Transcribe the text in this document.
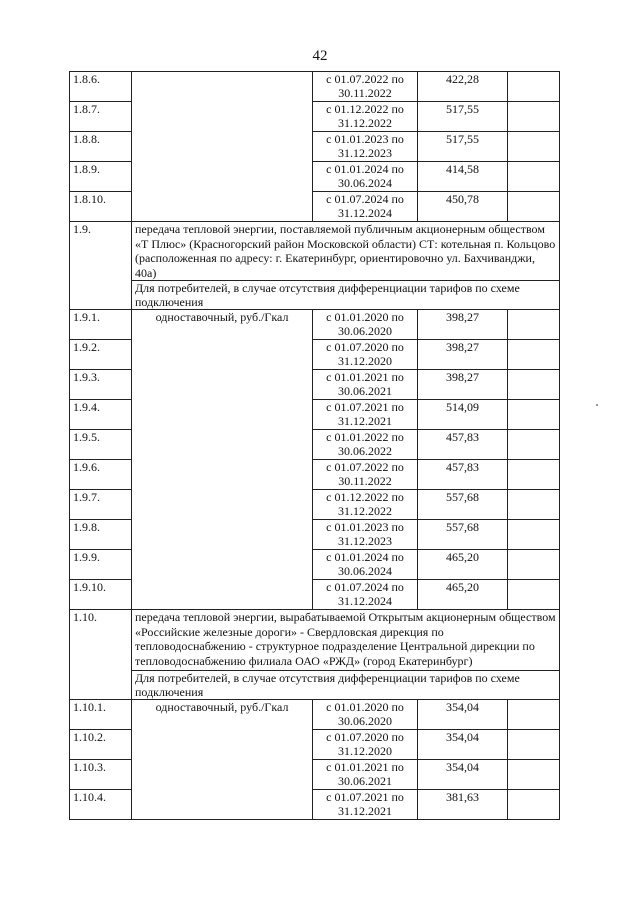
42
1.8.6.		с 01.07.2022 по 30.11.2022	422,28	
1.8.7.		с 01.12.2022 по 31.12.2022	517,55	
1.8.8.		с 01.01.2023 по 31.12.2023	517,55	
1.8.9.		с 01.01.2024 по 30.06.2024	414,58	
1.8.10.		с 01.07.2024 по 31.12.2024	450,78	
1.9.	передача тепловой энергии, поставляемой публичным акционерным обществом «Т Плюс» (Красногорский район Московской области) СТ: котельная п. Кольцово (расположенная по адресу: г. Екатеринбург, ориентировочно ул. Бахчиванджи, 40а)			
	Для потребителей, в случае отсутствия дифференциации тарифов по схеме подключения			
1.9.1.	одноставочный, руб./Гкал	с 01.01.2020 по 30.06.2020	398,27	
1.9.2.		с 01.07.2020 по 31.12.2020	398,27	
1.9.3.		с 01.01.2021 по 30.06.2021	398,27	
1.9.4.		с 01.07.2021 по 31.12.2021	514,09	
1.9.5.		с 01.01.2022 по 30.06.2022	457,83	
1.9.6.		с 01.07.2022 по 30.11.2022	457,83	
1.9.7.		с 01.12.2022 по 31.12.2022	557,68	
1.9.8.		с 01.01.2023 по 31.12.2023	557,68	
1.9.9.		с 01.01.2024 по 30.06.2024	465,20	
1.9.10.		с 01.07.2024 по 31.12.2024	465,20	
1.10.	передача тепловой энергии, вырабатываемой Открытым акционерным обществом «Российские железные дороги» - Свердловская дирекция по тепловодоснабжению - структурное подразделение Центральной дирекции по тепловодоснабжению филиала ОАО «РЖД» (город Екатеринбург)			
	Для потребителей, в случае отсутствия дифференциации тарифов по схеме подключения			
1.10.1.	одноставочный, руб./Гкал	с 01.01.2020 по 30.06.2020	354,04	
1.10.2.		с 01.07.2020 по 31.12.2020	354,04	
1.10.3.		с 01.01.2021 по 30.06.2021	354,04	
1.10.4.		с 01.07.2021 по 31.12.2021	381,63	
